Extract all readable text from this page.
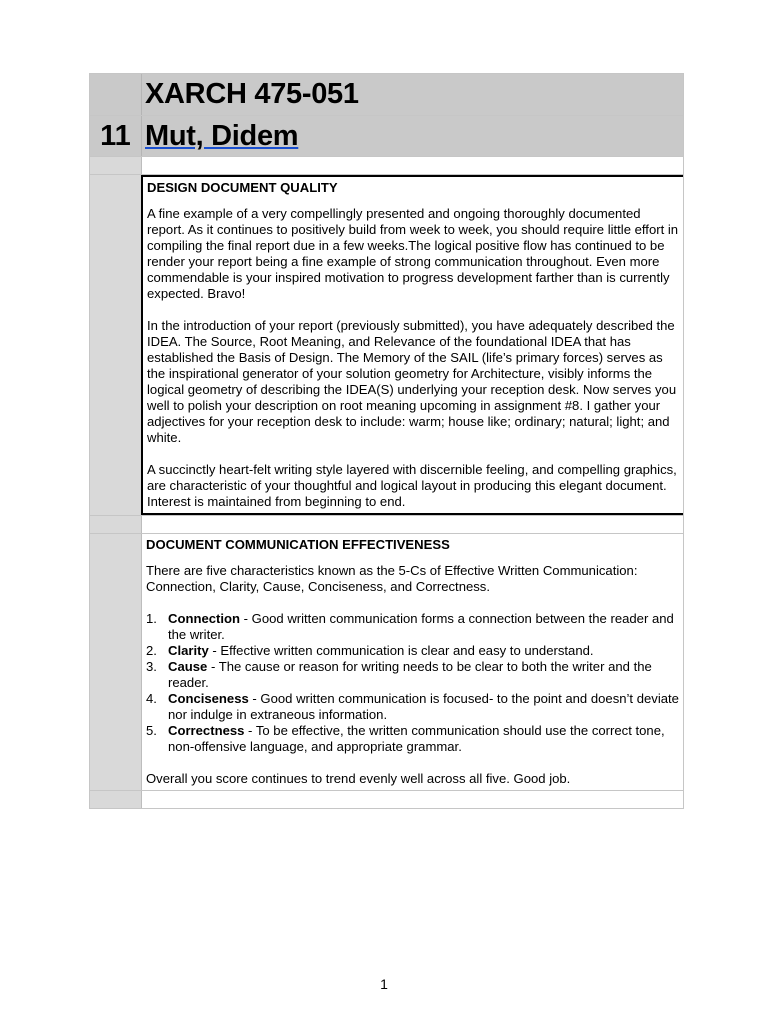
XARCH 475-051
11 Mut, Didem
DESIGN DOCUMENT QUALITY

A fine example of a very compellingly presented and ongoing thoroughly documented report. As it continues to positively build from week to week, you should require little effort in compiling the final report due in a few weeks.The logical positive flow has continued to be render your report being a fine example of strong communication throughout. Even more commendable is your inspired motivation to progress development farther than is currently expected. Bravo!

In the introduction of your report (previously submitted), you have adequately described the IDEA. The Source, Root Meaning, and Relevance of the foundational IDEA that has established the Basis of Design. The Memory of the SAIL (life’s primary forces) serves as the inspirational generator of your solution geometry for Architecture, visibly informs the logical geometry of describing the IDEA(S) underlying your reception desk. Now serves you well to polish your description on root meaning upcoming in assignment #8. I gather your adjectives for your reception desk to include: warm; house like; ordinary; natural; light; and white.

A succinctly heart-felt writing style layered with discernible feeling, and compelling graphics, are characteristic of your thoughtful and logical layout in producing this elegant document. Interest is maintained from beginning to end.

DOCUMENT COMMUNICATION EFFECTIVENESS

There are five characteristics known as the 5-Cs of Effective Written Communication: Connection, Clarity, Cause, Conciseness, and Correctness.

1. Connection - Good written communication forms a connection between the reader and the writer.
2. Clarity - Effective written communication is clear and easy to understand.
3. Cause - The cause or reason for writing needs to be clear to both the writer and the reader.
4. Conciseness - Good written communication is focused- to the point and doesn’t deviate nor indulge in extraneous information.
5. Correctness - To be effective, the written communication should use the correct tone, non-offensive language, and appropriate grammar.

Overall you score continues to trend evenly well across all five. Good job.

1
